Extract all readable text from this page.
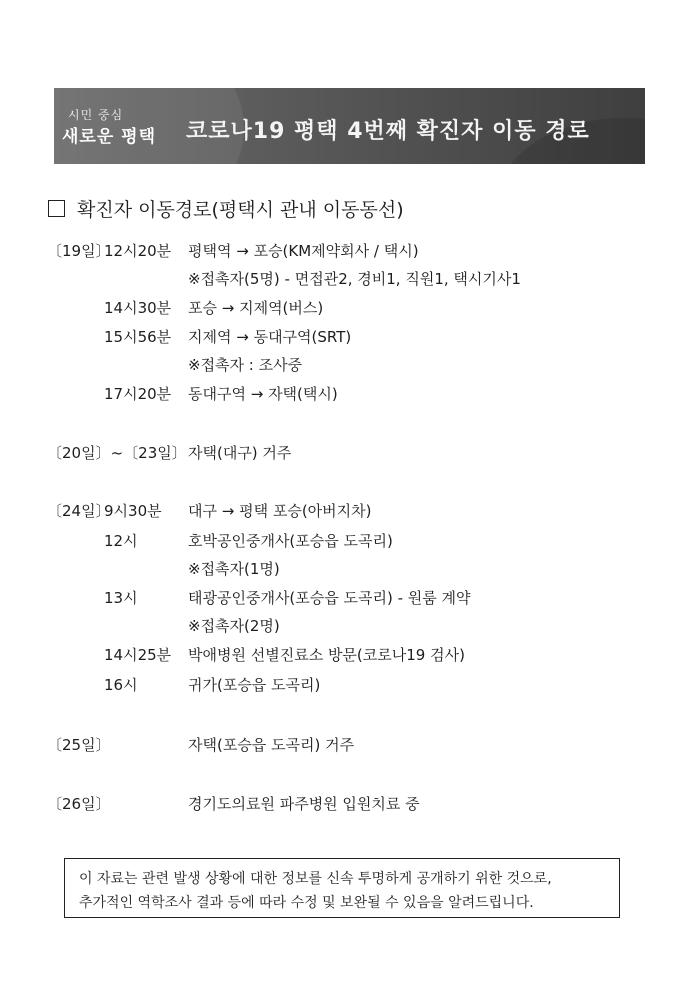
시민 중심
새로운 평택 코로나19 평택 4번째 확진자 이동 경로
확진자 이동경로(평택시 관내 이동동선)
〔19일〕
12시20분 평택역 → 포승(KM제약회사 / 택시)
※접촉자(5명) - 면접관2, 경비1, 직원1, 택시기사1
14시30분 포승 → 지제역(버스)
15시56분 지제역 → 동대구역(SRT)
※접촉자 : 조사중
17시20분 동대구역 → 자택(택시)
〔20일〕~〔23일〕 자택(대구) 거주
〔24일〕
9시30분 대구 → 평택 포승(아버지차)
12시	호박공인중개사(포승읍 도곡리)
※접촉자(1명)
13시	태광공인중개사(포승읍 도곡리) - 원룸 계약
※접촉자(2명)
14시25분 박애병원 선별진료소 방문(코로나19 검사)
16시	귀가(포승읍 도곡리)
〔25일〕	자택(포승읍 도곡리) 거주
〔26일〕	경기도의료원 파주병원 입원치료 중
이 자료는 관련 발생 상황에 대한 정보를 신속 투명하게 공개하기 위한 것으로,
추가적인 역학조사 결과 등에 따라 수정 및 보완될 수 있음을 알려드립니다.
